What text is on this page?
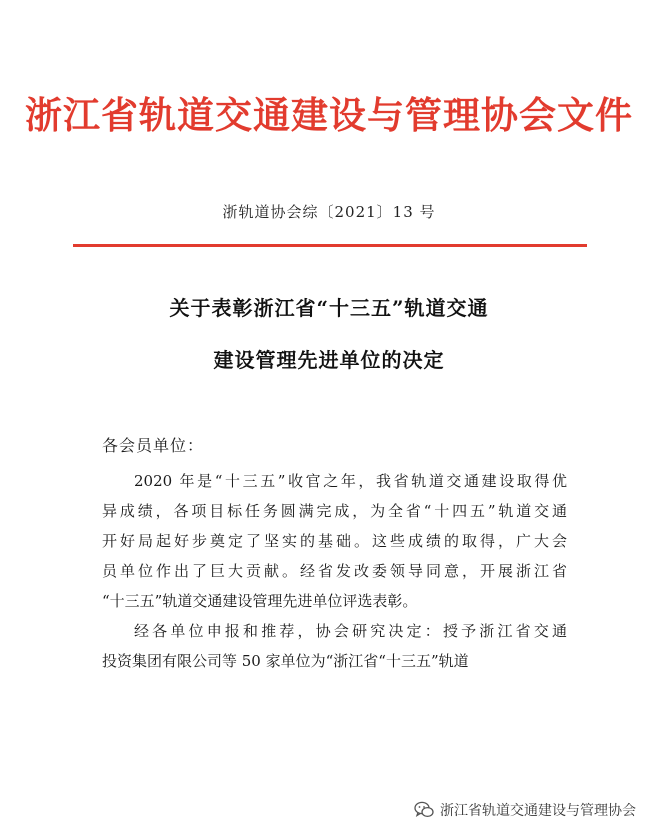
浙江省轨道交通建设与管理协会文件
浙轨道协会综〔2021〕13 号
关于表彰浙江省“十三五”轨道交通
建设管理先进单位的决定
各会员单位：
2020 年是“十三五”收官之年，我省轨道交通建设取得优
异成绩，各项目标任务圆满完成，为全省“十四五”轨道交通
开好局起好步奠定了坚实的基础。这些成绩的取得，广大会
员单位作出了巨大贡献。经省发改委领导同意，开展浙江省
“十三五”轨道交通建设管理先进单位评选表彰。
经各单位申报和推荐，协会研究决定：授予浙江省交通
投资集团有限公司等 50 家单位为“浙江省“十三五”轨道
浙江省轨道交通建设与管理协会
